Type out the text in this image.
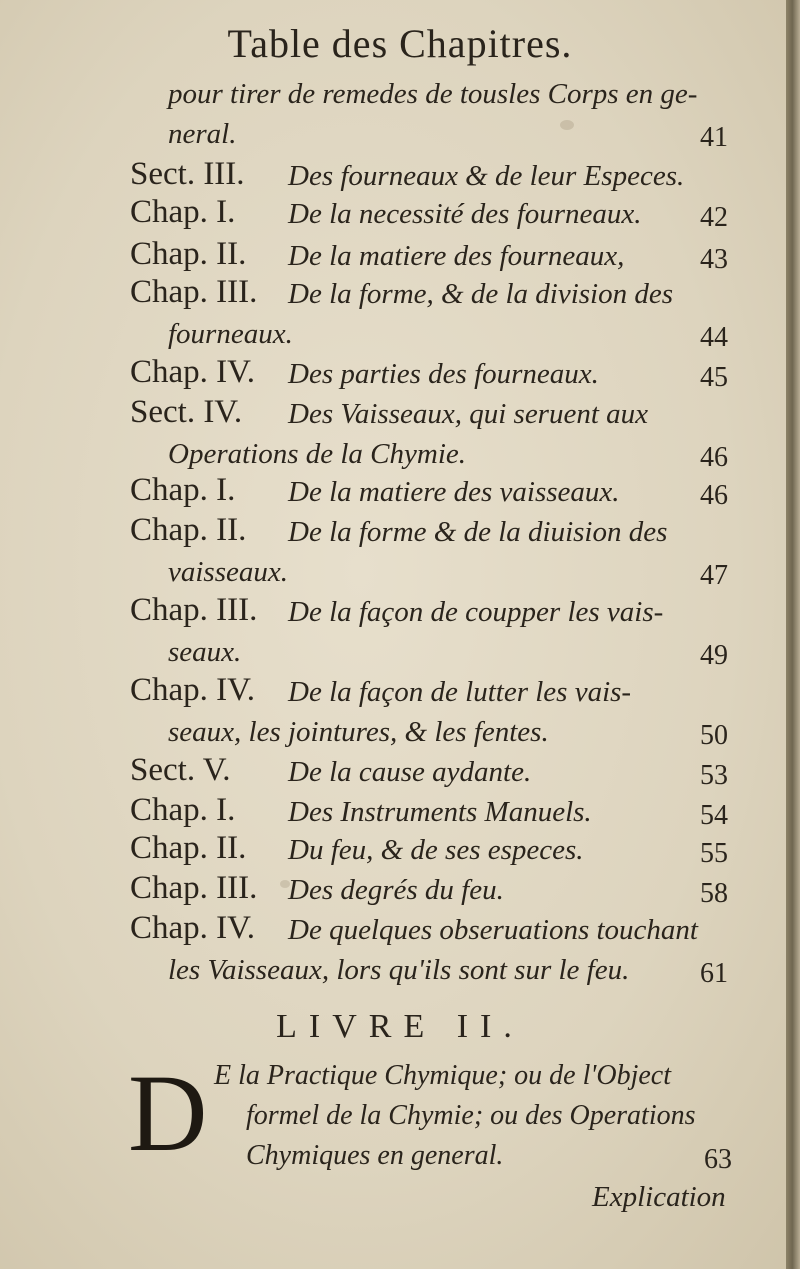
Table des Chapitres.
pour tirer de remedes de tousles Corps en ge-
neral.	41
Sect. III. Des fourneaux & de leur Especes.
Chap. I. De la necessité des fourneaux. 42
Chap. II. De la matiere des fourneaux,	43
Chap. III. De la forme, & de la division des
fourneaux.	44
Chap. IV. Des parties des fourneaux.	45
Sect. IV. Des Vaisseaux, qui seruent aux
Operations de la Chymie.	46
Chap. I. De la matiere des vaisseaux.	46
Chap. II. De la forme & de la diuision des
vaisseaux.	47
Chap. III. De la façon de coupper les vais-
seaux.	49
Chap. IV. De la façon de lutter les vais-
seaux, les jointures, & les fentes.	50
Sect. V. De la cause aydante.	53
Chap. I. Des Instruments Manuels.	54
Chap. II. Du feu, & de ses especes.	55
Chap. III. Des degrés du feu.	58
Chap. IV. De quelques obseruations touchant
les Vaisseaux, lors qu'ils sont sur le feu.	61
LIVRE II.
D E la Practique Chymique; ou de l'Object
formel de la Chymie; ou des Operations
Chymiques en general.	63
Explication
